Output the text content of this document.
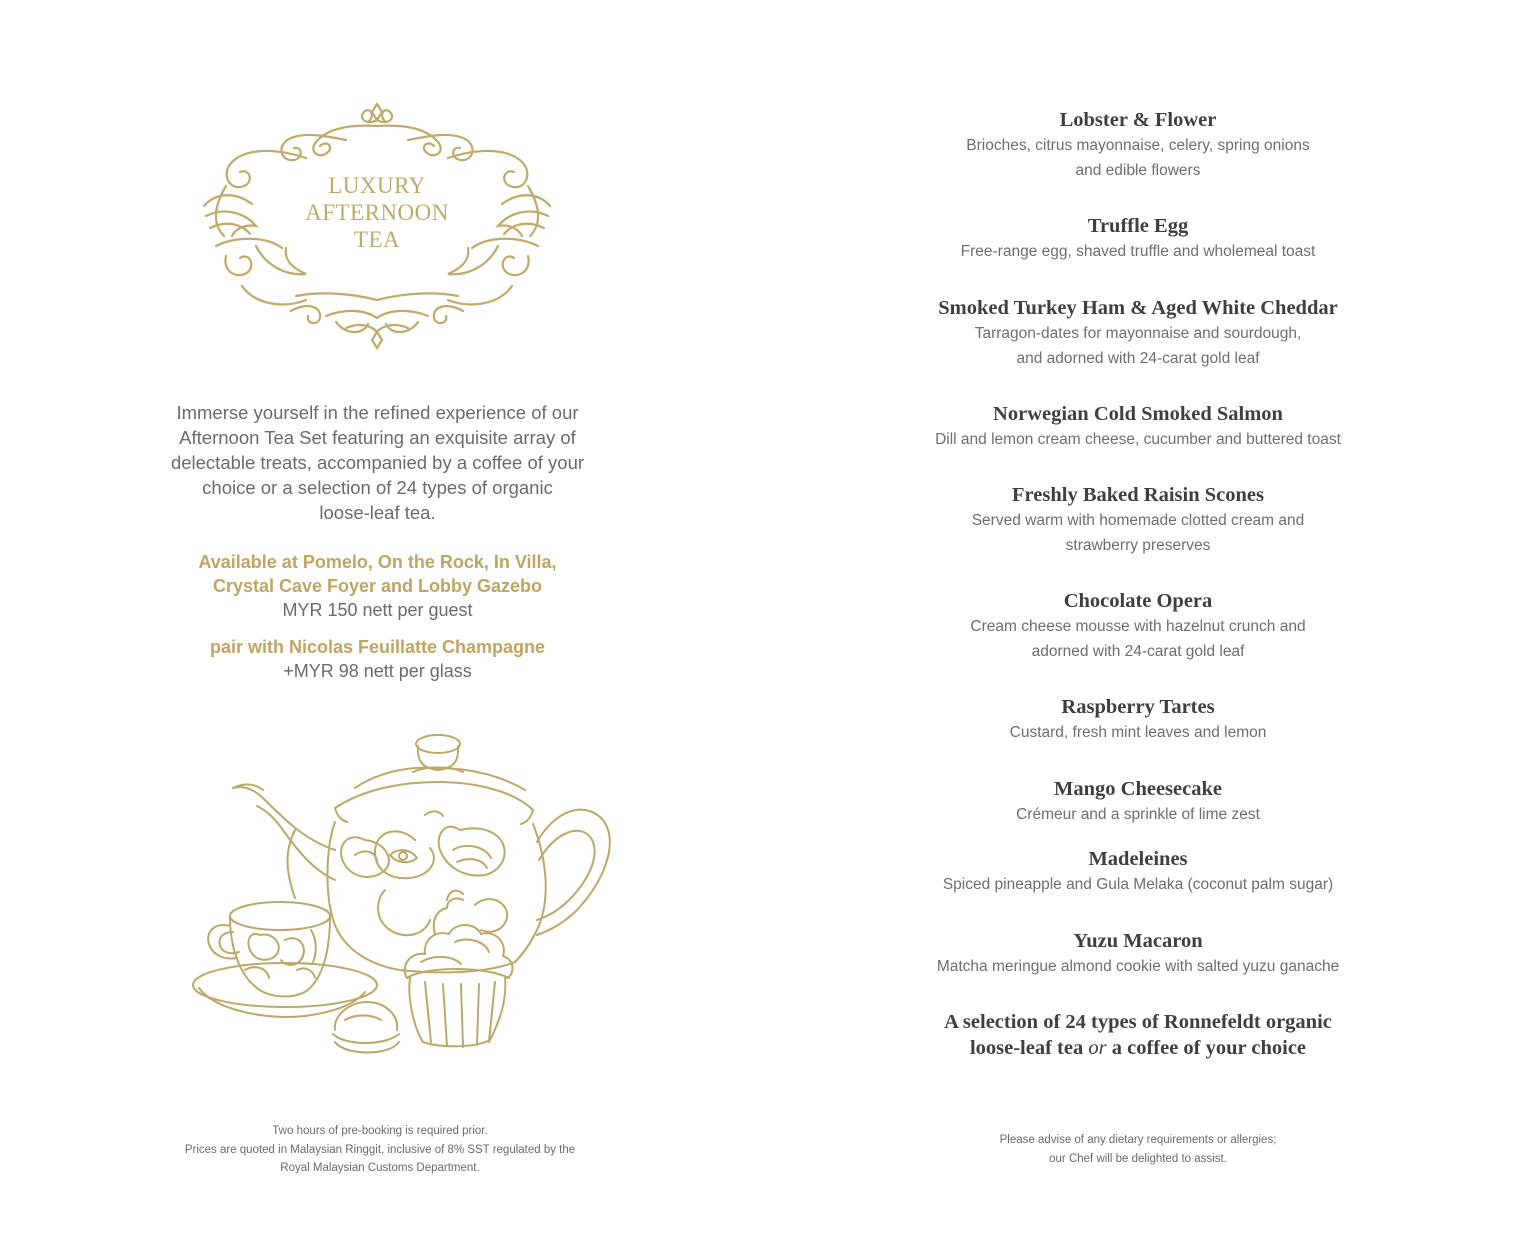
LUXURY
AFTERNOON
TEA

Immerse yourself in the refined experience of our

Afternoon Tea Set featuring an exquisite array of

delectable treats, accompanied by a coffee of your

choice or a selection of 24 types of organic

loose-leaf tea.

Available at Pomelo, On the Rock, In Villa,
Crystal Cave Foyer and Lobby Gazebo
MYR 150 nett per guest
pair with Nicolas Feuillatte Champagne
+MYR 98 nett per glass
Two hours of pre-booking is required prior.
Prices are quoted in Malaysian Ringgit, inclusive of 8% SST regulated by the
Royal Malaysian Customs Department.
Lobster & Flower
Brioches, citrus mayonnaise, celery, spring onions
and edible flowers
Truffle Egg
Free-range egg, shaved truffle and wholemeal toast
Smoked Turkey Ham & Aged White Cheddar
Tarragon-dates for mayonnaise and sourdough,
and adorned with 24-carat gold leaf
Norwegian Cold Smoked Salmon
Dill and lemon cream cheese, cucumber and buttered toast
Freshly Baked Raisin Scones
Served warm with homemade clotted cream and
strawberry preserves
Chocolate Opera
Cream cheese mousse with hazelnut crunch and
adorned with 24-carat gold leaf
Raspberry Tartes
Custard, fresh mint leaves and lemon
Mango Cheesecake
Crémeur and a sprinkle of lime zest
Madeleines
Spiced pineapple and Gula Melaka (coconut palm sugar)
Yuzu Macaron
Matcha meringue almond cookie with salted yuzu ganache
A selection of 24 types of Ronnefeldt organic
loose-leaf tea or a coffee of your choice
Please advise of any dietary requirements or allergies;
our Chef will be delighted to assist.
